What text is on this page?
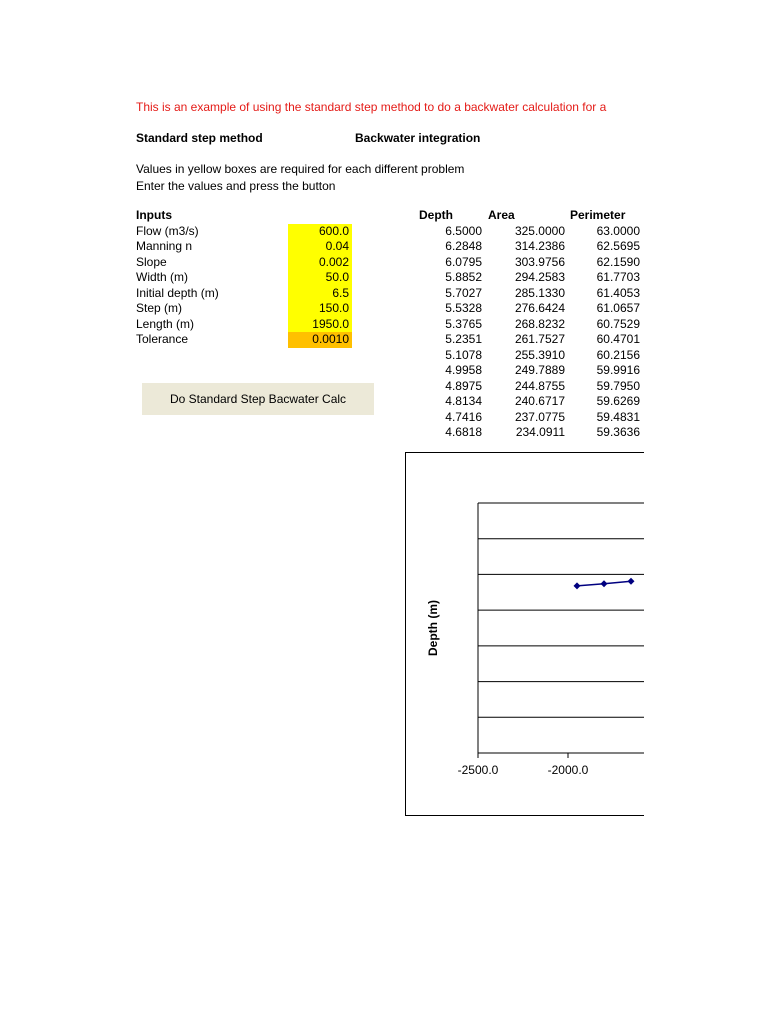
This is an example of using the standard step method to do a backwater calculation for a
Standard step method	Backwater integration
Values in yellow boxes are required for each different problem
Enter the values and press the button
Inputs
Flow (m3/s)	600.0
Manning n	0.04
Slope	0.002
Width (m)	50.0
Initial depth (m)	6.5
Step (m)	150.0
Length (m)	1950.0
Tolerance	0.0010
Do Standard Step Bacwater Calc
Depth	Area	Perimeter
6.5000	325.0000	63.0000
6.2848	314.2386	62.5695
6.0795	303.9756	62.1590
5.8852	294.2583	61.7703
5.7027	285.1330	61.4053
5.5328	276.6424	61.0657
5.3765	268.8232	60.7529
5.2351	261.7527	60.4701
5.1078	255.3910	60.2156
4.9958	249.7889	59.9916
4.8975	244.8755	59.7950
4.8134	240.6717	59.6269
4.7416	237.0775	59.4831
4.6818	234.0911	59.3636
-2500.0	-2000.0
Depth (m)
